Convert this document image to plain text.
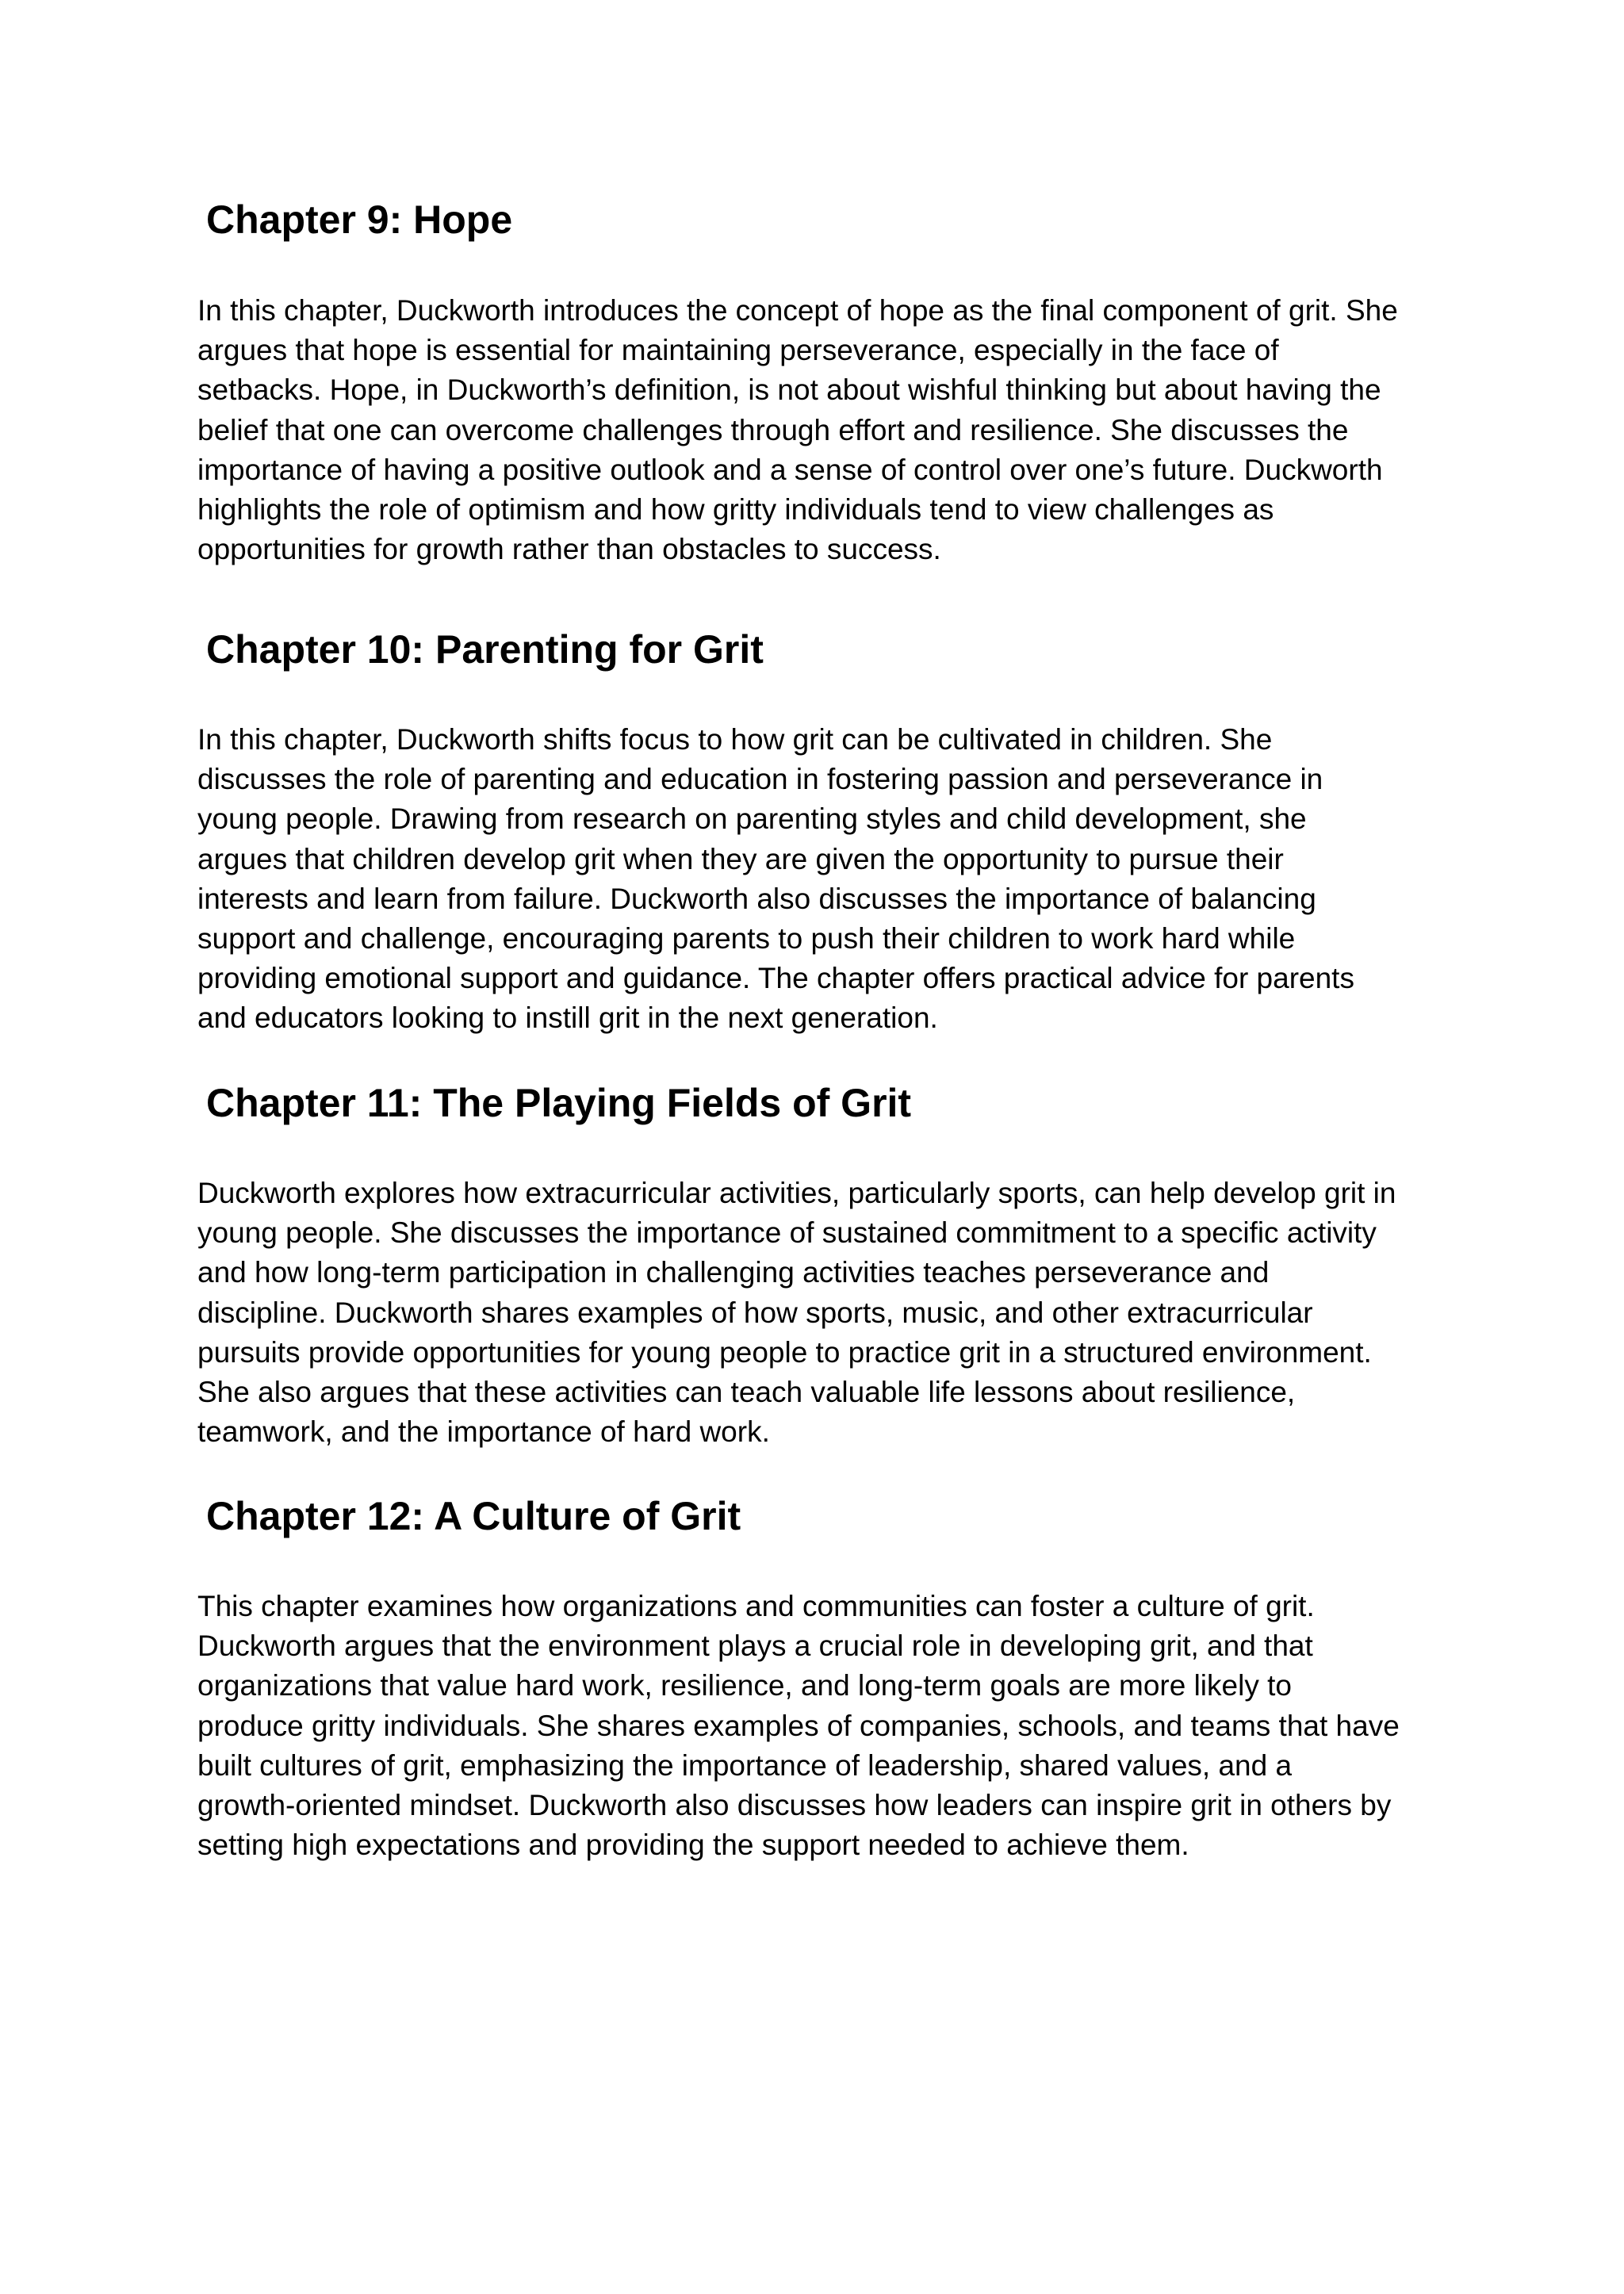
Chapter 9: Hope

In this chapter, Duckworth introduces the concept of hope as the final component of grit. She
argues that hope is essential for maintaining perseverance, especially in the face of
setbacks. Hope, in Duckworth’s definition, is not about wishful thinking but about having the
belief that one can overcome challenges through effort and resilience. She discusses the
importance of having a positive outlook and a sense of control over one’s future. Duckworth
highlights the role of optimism and how gritty individuals tend to view challenges as
opportunities for growth rather than obstacles to success.

Chapter 10: Parenting for Grit

In this chapter, Duckworth shifts focus to how grit can be cultivated in children. She
discusses the role of parenting and education in fostering passion and perseverance in
young people. Drawing from research on parenting styles and child development, she
argues that children develop grit when they are given the opportunity to pursue their
interests and learn from failure. Duckworth also discusses the importance of balancing
support and challenge, encouraging parents to push their children to work hard while
providing emotional support and guidance. The chapter offers practical advice for parents
and educators looking to instill grit in the next generation.

Chapter 11: The Playing Fields of Grit

Duckworth explores how extracurricular activities, particularly sports, can help develop grit in
young people. She discusses the importance of sustained commitment to a specific activity
and how long-term participation in challenging activities teaches perseverance and
discipline. Duckworth shares examples of how sports, music, and other extracurricular
pursuits provide opportunities for young people to practice grit in a structured environment.
She also argues that these activities can teach valuable life lessons about resilience,
teamwork, and the importance of hard work.

Chapter 12: A Culture of Grit

This chapter examines how organizations and communities can foster a culture of grit.
Duckworth argues that the environment plays a crucial role in developing grit, and that
organizations that value hard work, resilience, and long-term goals are more likely to
produce gritty individuals. She shares examples of companies, schools, and teams that have
built cultures of grit, emphasizing the importance of leadership, shared values, and a
growth-oriented mindset. Duckworth also discusses how leaders can inspire grit in others by
setting high expectations and providing the support needed to achieve them.
